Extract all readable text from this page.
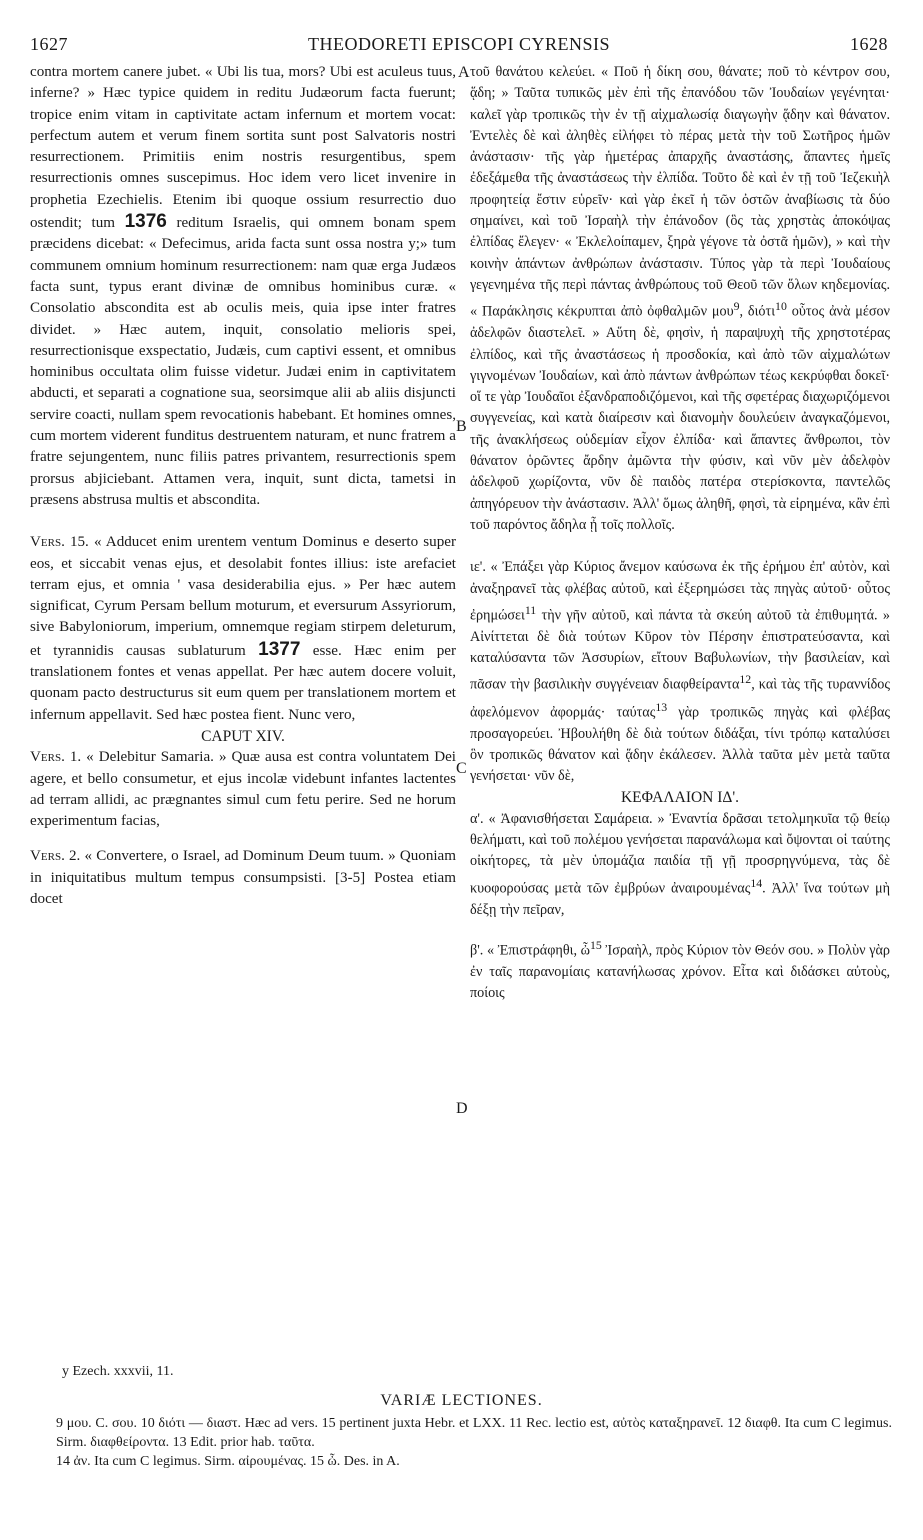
1627	THEODORETI EPISCOPI CYRENSIS	1628
A
B
C
D

contra mortem canere jubet. « Ubi lis tua, mors? Ubi est aculeus tuus, inferne? » Hæc typice quidem in reditu Judæorum facta fuerunt; tropice enim vitam in captivitate actam infernum et mortem vocat: perfectum autem et verum finem sortita sunt post Salvatoris nostri resurrectionem. Primitiis enim nostris resurgentibus, spem resurrectionis omnes suscepimus. Hoc idem vero licet invenire in prophetia Ezechielis. Etenim ibi quoque ossium resurrectio duo ostendit; tum 1376 reditum Israelis, qui omnem bonam spem præcidens dicebat: « Defecimus, arida facta sunt ossa nostra y;» tum communem omnium hominum resurrectionem: nam quæ erga Judæos facta sunt, typus erant divinæ de omnibus hominibus curæ. « Consolatio abscondita est ab oculis meis, quia ipse inter fratres dividet. » Hæc autem, inquit, consolatio melioris spei, resurrectionisque exspectatio, Judæis, cum captivi essent, et omnibus hominibus occultata olim fuisse videtur. Judæi enim in captivitatem abducti, et separati a cognatione sua, seorsimque alii ab aliis disjuncti servire coacti, nullam spem revocationis habebant. Et homines omnes, cum mortem viderent funditus destruentem naturam, et nunc fratrem a fratre sejungentem, nunc filiis patres privantem, resurrectionis spem prorsus abjiciebant. Attamen vera, inquit, sunt dicta, tametsi in præsens abstrusa multis et abscondita.

Vers. 15. « Adducet enim urentem ventum Dominus e deserto super eos, et siccabit venas ejus, et desolabit fontes illius: iste arefaciet terram ejus, et omnia ' vasa desiderabilia ejus. » Per hæc autem significat, Cyrum Persam bellum moturum, et eversurum Assyriorum, sive Babyloniorum, imperium, omnemque regiam stirpem deleturum, et tyrannidis causas sublaturum 1377 esse. Hæc enim per translationem fontes et venas appellat. Per hæc autem docere voluit, quonam pacto destructurus sit eum quem per translationem mortem et infernum appellavit. Sed hæc postea fient. Nunc vero,

CAPUT XIV.

Vers. 1. « Delebitur Samaria. » Quæ ausa est contra voluntatem Dei agere, et bello consumetur, et ejus incolæ videbunt infantes lactentes ad terram allidi, ac prægnantes simul cum fetu perire. Sed ne horum experimentum facias,

Vers. 2. « Convertere, o Israel, ad Dominum Deum tuum. » Quoniam in iniquitatibus multum tempus consumpsisti. [3-5] Postea etiam docet

τοῦ θανάτου κελεύει. « Ποῦ ἡ δίκη σου, θάνατε; ποῦ τὸ κέντρον σου, ᾅδη; » Ταῦτα τυπικῶς μὲν ἐπὶ τῆς ἐπανόδου τῶν Ἰουδαίων γεγένηται· καλεῖ γὰρ τροπικῶς τὴν ἐν τῇ αἰχμαλωσίᾳ διαγωγὴν ᾅδην καὶ θάνατον. Ἐντελὲς δὲ καὶ ἀληθὲς εἰλήφει τὸ πέρας μετὰ τὴν τοῦ Σωτῆρος ἡμῶν ἀνάστασιν· τῆς γὰρ ἡμετέρας ἀπαρχῆς ἀναστάσης, ἅπαντες ἡμεῖς ἐδεξάμεθα τῆς ἀναστάσεως τὴν ἐλπίδα. Τοῦτο δὲ καὶ ἐν τῇ τοῦ Ἰεζεκιὴλ προφητείᾳ ἔστιν εὑρεῖν· καὶ γὰρ ἐκεῖ ἡ τῶν ὀστῶν ἀναβίωσις τὰ δύο σημαίνει, καὶ τοῦ Ἰσραὴλ τὴν ἐπάνοδον (ὃς τὰς χρηστὰς ἀποκόψας ἐλπίδας ἔλεγεν· « Ἐκλελοίπαμεν, ξηρὰ γέγονε τὰ ὀστᾶ ἡμῶν), » καὶ τὴν κοινὴν ἁπάντων ἀνθρώπων ἀνάστασιν. Τύπος γὰρ τὰ περὶ Ἰουδαίους γεγενημένα τῆς περὶ πάντας ἀνθρώπους τοῦ Θεοῦ τῶν ὅλων κηδεμονίας. « Παράκλησις κέκρυπται ἀπὸ ὀφθαλμῶν μου$^9$, διότι$^{10}$ οὗτος ἀνὰ μέσον ἀδελφῶν διαστελεῖ. » Αὕτη δὲ, φησὶν, ἡ παραψυχὴ τῆς χρηστοτέρας ἐλπίδος, καὶ τῆς ἀναστάσεως ἡ προσδοκία, καὶ ἀπὸ τῶν αἰχμαλώτων γιγνομένων Ἰουδαίων, καὶ ἀπὸ πάντων ἀνθρώπων τέως κεκρύφθαι δοκεῖ· οἵ τε γὰρ Ἰουδαῖοι ἐξανδραποδιζόμενοι, καὶ τῆς σφετέρας διαχωριζόμενοι συγγενείας, καὶ κατὰ διαίρεσιν καὶ διανομὴν δουλεύειν ἀναγκαζόμενοι, τῆς ἀνακλήσεως οὐδεμίαν εἶχον ἐλπίδα· καὶ ἅπαντες ἄνθρωποι, τὸν θάνατον ὁρῶντες ἄρδην ἀμῶντα τὴν φύσιν, καὶ νῦν μὲν ἀδελφὸν ἀδελφοῦ χωρίζοντα, νῦν δὲ παιδὸς πατέρα στερίσκοντα, παντελῶς ἀπηγόρευον τὴν ἀνάστασιν. Ἀλλ' ὅμως ἀληθῆ, φησὶ, τὰ εἰρημένα, κἂν ἐπὶ τοῦ παρόντος ἄδηλα ᾖ τοῖς πολλοῖς.

ιε'. « Ἐπάξει γὰρ Κύριος ἄνεμον καύσωνα ἐκ τῆς ἐρήμου ἐπ' αὐτὸν, καὶ ἀναξηρανεῖ τὰς φλέβας αὐτοῦ, καὶ ἐξερημώσει τὰς πηγὰς αὐτοῦ· οὗτος ἐρημώσει$^{11}$ τὴν γῆν αὐτοῦ, καὶ πάντα τὰ σκεύη αὐτοῦ τὰ ἐπιθυμητά. » Αἰνίττεται δὲ διὰ τούτων Κῦρον τὸν Πέρσην ἐπιστρατεύσαντα, καὶ καταλύσαντα τῶν Ἀσσυρίων, εἴτουν Βαβυλωνίων, τὴν βασιλείαν, καὶ πᾶσαν τὴν βασιλικὴν συγγένειαν διαφθείραντα$^{12}$, καὶ τὰς τῆς τυραννίδος ἀφελόμενον ἀφορμάς· ταύτας$^{13}$ γὰρ τροπικῶς πηγὰς καὶ φλέβας προσαγορεύει. Ἠβουλήθη δὲ διὰ τούτων διδάξαι, τίνι τρόπῳ καταλύσει ὃν τροπικῶς θάνατον καὶ ᾅδην ἐκάλεσεν. Ἀλλὰ ταῦτα μὲν μετὰ ταῦτα γενήσεται· νῦν δὲ,

ΚΕΦΑΛΑΙΟΝ ΙΔ'.

α'. « Ἀφανισθήσεται Σαμάρεια. » Ἐναντία δρᾶσαι τετολμηκυῖα τῷ θείῳ θελήματι, καὶ τοῦ πολέμου γενήσεται παρανάλωμα καὶ ὄψονται οἱ ταύτης οἰκήτορες, τὰ μὲν ὑπομάζια παιδία τῇ γῇ προσρηγνύμενα, τὰς δὲ κυοφορούσας μετὰ τῶν ἐμβρύων ἀναιρουμένας$^{14}$. Ἀλλ' ἵνα τούτων μὴ δέξῃ τὴν πεῖραν,

β'. « Ἐπιστράφηθι, ὦ$^{15}$ Ἰσραὴλ, πρὸς Κύριον τὸν Θεόν σου. » Πολὺν γὰρ ἐν ταῖς παρανομίαις κατανήλωσας χρόνον. Εἶτα καὶ διδάσκει αὐτοὺς, ποίοις

y Ezech. xxxvii, 11.
VARIÆ LECTIONES.

9 μου. C. σου. 10 διότι — διαστ. Hæc ad vers. 15 pertinent juxta Hebr. et LXX. 11 Rec. lectio est, αὐτὸς καταξηρανεῖ. 12 διαφθ. Ita cum C legimus. Sirm. διαφθείροντα. 13 Edit. prior hab. ταῦτα.

14 ἀν. Ita cum C legimus. Sirm. αἰρουμένας. 15 ὦ. Des. in A.
